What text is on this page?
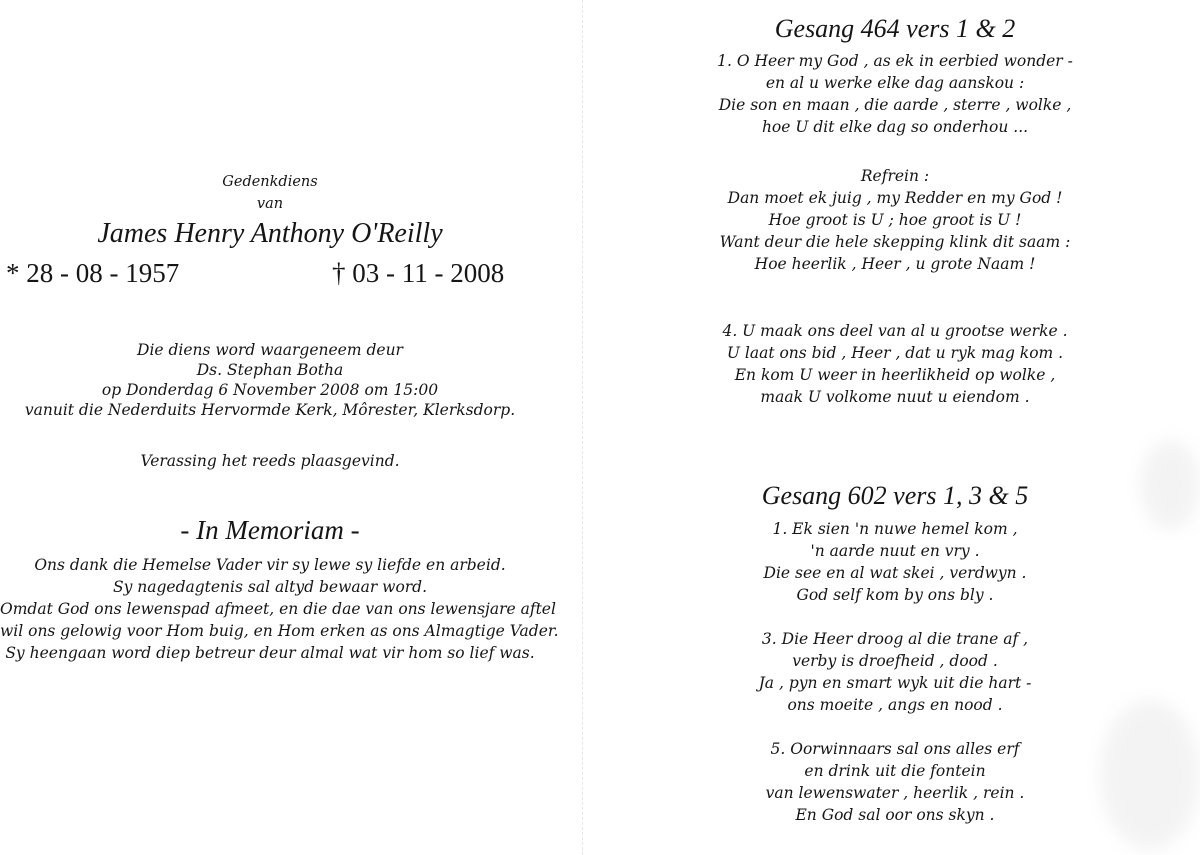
Gedenkdiens
van
James Henry Anthony O'Reilly
* 28 - 08 - 1957	† 03 - 11 - 2008
Die diens word waargeneem deur
Ds. Stephan Botha
op Donderdag 6 November 2008 om 15:00
vanuit die Nederduits Hervormde Kerk, Môrester, Klerksdorp.
Verassing het reeds plaasgevind.
- In Memoriam -
Ons dank die Hemelse Vader vir sy lewe sy liefde en arbeid.
Sy nagedagtenis sal altyd bewaar word.
Omdat God ons lewenspad afmeet, en die dae van ons lewensjare aftel
wil ons gelowig voor Hom buig, en Hom erken as ons Almagtige Vader.
Sy heengaan word diep betreur deur almal wat vir hom so lief was.
Gesang 464 vers 1 & 2
1. O Heer my God , as ek in eerbied wonder -
en al u werke elke dag aanskou :
Die son en maan , die aarde , sterre , wolke ,
hoe U dit elke dag so onderhou ...
Refrein :
Dan moet ek juig , my Redder en my God !
Hoe groot is U ; hoe groot is U !
Want deur die hele skepping klink dit saam :
Hoe heerlik , Heer , u grote Naam !
4. U maak ons deel van al u grootse werke .
U laat ons bid , Heer , dat u ryk mag kom .
En kom U weer in heerlikheid op wolke ,
maak U volkome nuut u eiendom .
Gesang 602 vers 1, 3 & 5
1. Ek sien 'n nuwe hemel kom ,
'n aarde nuut en vry .
Die see en al wat skei , verdwyn .
God self kom by ons bly .
3. Die Heer droog al die trane af ,
verby is droefheid , dood .
Ja , pyn en smart wyk uit die hart -
ons moeite , angs en nood .
5. Oorwinnaars sal ons alles erf
en drink uit die fontein
van lewenswater , heerlik , rein .
En God sal oor ons skyn .
